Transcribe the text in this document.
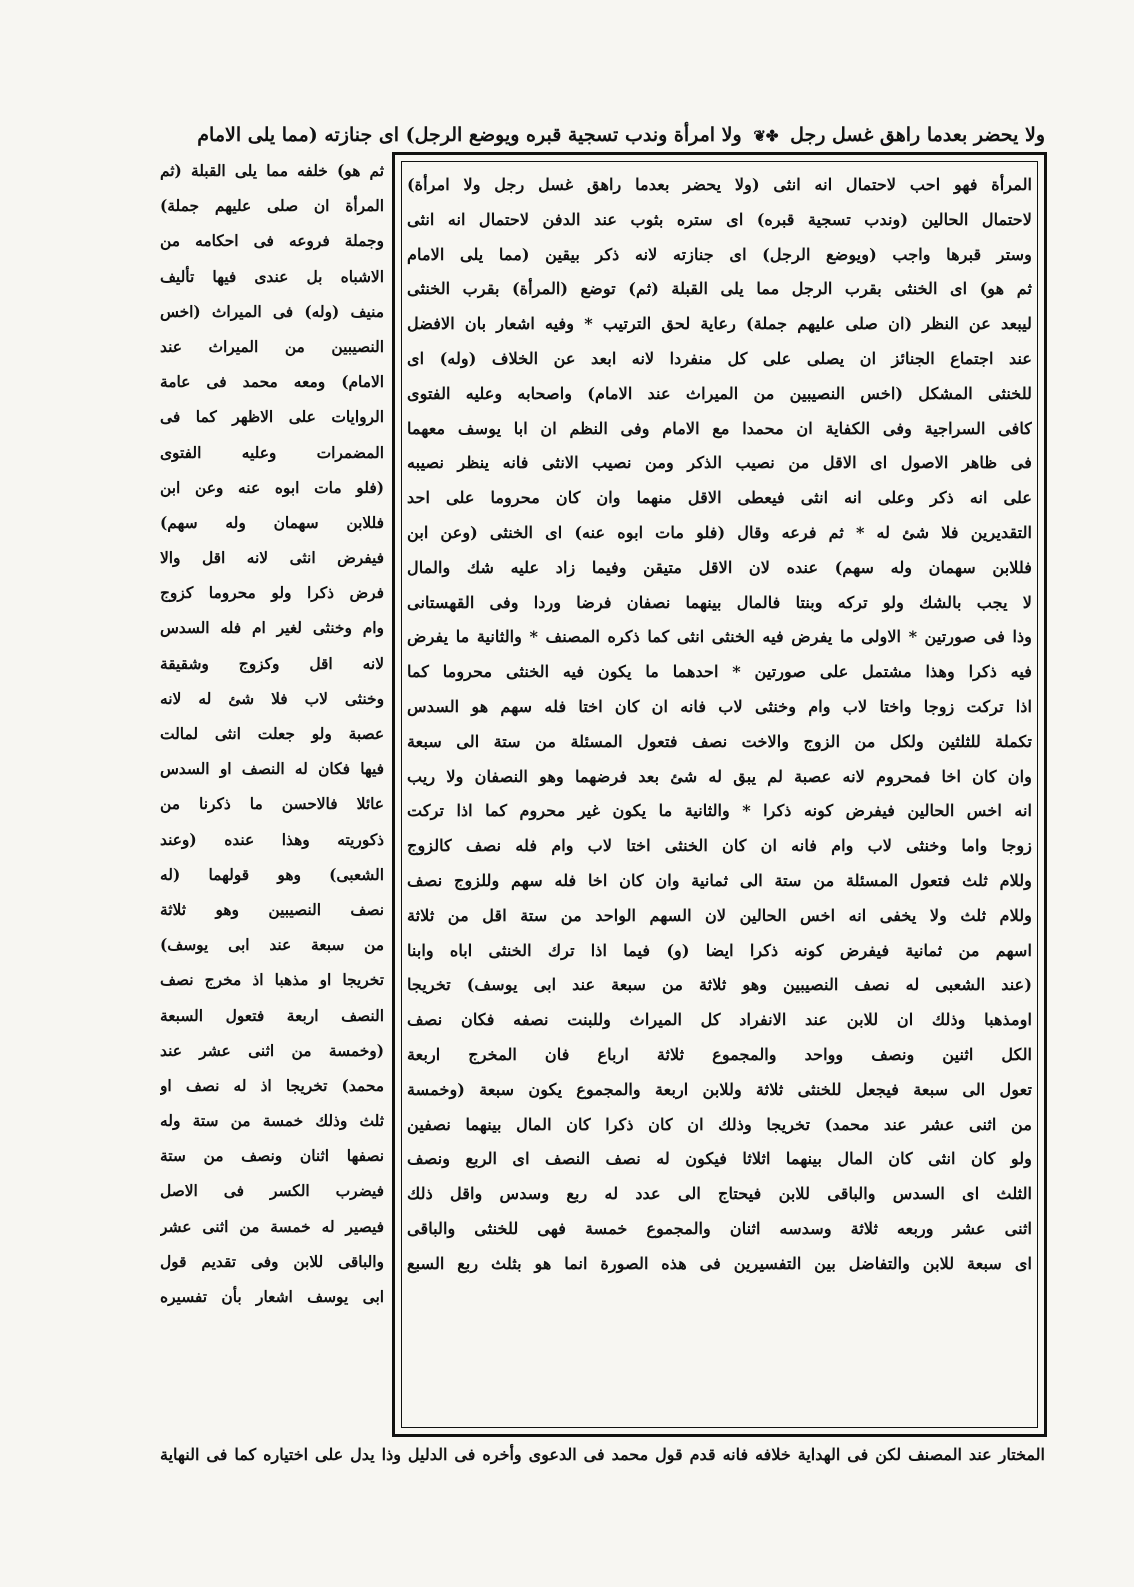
ولا يحضر بعدما راهق غسل رجل ✤❦ ولا امرأة وندب تسجية قبره ويوضع الرجل) اى جنازته (مما يلى الامام
المرأة فهو احب لاحتمال انه انثى (ولا يحضر بعدما راهق غسل رجل ولا امرأة)
لاحتمال الحالين (وندب تسجية قبره) اى ستره بثوب عند الدفن لاحتمال انه انثى
وستر قبرها واجب (ويوضع الرجل) اى جنازته لانه ذكر بيقين (مما يلى الامام
ثم هو) اى الخنثى بقرب الرجل مما يلى القبلة (ثم) توضع (المرأة) بقرب الخنثى
ليبعد عن النظر (ان صلى عليهم جملة) رعاية لحق الترتيب * وفيه اشعار بان الافضل
عند اجتماع الجنائز ان يصلى على كل منفردا لانه ابعد عن الخلاف (وله) اى
للخنثى المشكل (اخس النصيبين من الميراث عند الامام) واصحابه وعليه الفتوى
كافى السراجية وفى الكفاية ان محمدا مع الامام وفى النظم ان ابا يوسف معهما
فى ظاهر الاصول اى الاقل من نصيب الذكر ومن نصيب الانثى فانه ينظر نصيبه
على انه ذكر وعلى انه انثى فيعطى الاقل منهما وان كان محروما على احد
التقديرين فلا شئ له * ثم فرعه وقال (فلو مات ابوه عنه) اى الخنثى (وعن ابن
فللابن سهمان وله سهم) عنده لان الاقل متيقن وفيما زاد عليه شك والمال
لا يجب بالشك ولو تركه وبنتا فالمال بينهما نصفان فرضا وردا وفى القهستانى
وذا فى صورتين * الاولى ما يفرض فيه الخنثى انثى كما ذكره المصنف * والثانية ما يفرض
فيه ذكرا وهذا مشتمل على صورتين * احدهما ما يكون فيه الخنثى محروما كما
اذا تركت زوجا واختا لاب وام وخنثى لاب فانه ان كان اختا فله سهم هو السدس
تكملة للثلثين ولكل من الزوج والاخت نصف فتعول المسئلة من ستة الى سبعة
وان كان اخا فمحروم لانه عصبة لم يبق له شئ بعد فرضهما وهو النصفان ولا ريب
انه اخس الحالين فيفرض كونه ذكرا * والثانية ما يكون غير محروم كما اذا تركت
زوجا واما وخنثى لاب وام فانه ان كان الخنثى اختا لاب وام فله نصف كالزوج
وللام ثلث فتعول المسئلة من ستة الى ثمانية وان كان اخا فله سهم وللزوج نصف
وللام ثلث ولا يخفى انه اخس الحالين لان السهم الواحد من ستة اقل من ثلاثة
اسهم من ثمانية فيفرض كونه ذكرا ايضا (و) فيما اذا ترك الخنثى اباه وابنا
(عند الشعبى له نصف النصيبين وهو ثلاثة من سبعة عند ابى يوسف) تخريجا
اومذهبا وذلك ان للابن عند الانفراد كل الميراث وللبنت نصفه فكان نصف
الكل اثنين ونصف وواحد والمجموع ثلاثة ارباع فان المخرج اربعة
تعول الى سبعة فيجعل للخنثى ثلاثة وللابن اربعة والمجموع يكون سبعة (وخمسة
من اثنى عشر عند محمد) تخريجا وذلك ان كان ذكرا كان المال بينهما نصفين
ولو كان انثى كان المال بينهما اثلاثا فيكون له نصف النصف اى الربع ونصف
الثلث اى السدس والباقى للابن فيحتاج الى عدد له ربع وسدس واقل ذلك
اثنى عشر وربعه ثلاثة وسدسه اثنان والمجموع خمسة فهى للخنثى والباقى
اى سبعة للابن والتفاضل بين التفسيرين فى هذه الصورة انما هو بثلث ربع السبع
ثم هو) خلفه مما يلى القبلة (ثم
المرأة ان صلى عليهم جملة)
وجملة فروعه فى احكامه من
الاشباه بل عندى فيها تأليف
منيف (وله) فى الميراث (اخس
النصيبين من الميراث عند
الامام) ومعه محمد فى عامة
الروايات على الاظهر كما فى
المضمرات وعليه الفتوى
(فلو مات ابوه عنه وعن ابن
فللابن سهمان وله سهم)
فيفرض انثى لانه اقل والا
فرض ذكرا ولو محروما كزوج
وام وخنثى لغير ام فله السدس
لانه اقل وكزوج وشقيقة
وخنثى لاب فلا شئ له لانه
عصبة ولو جعلت انثى لمالت
فيها فكان له النصف او السدس
عائلا فالاحسن ما ذكرنا من
ذكوريته وهذا عنده (وعند
الشعبى) وهو قولهما (له
نصف النصيبين وهو ثلاثة
من سبعة عند ابى يوسف)
تخريجا او مذهبا اذ مخرج نصف
النصف اربعة فتعول السبعة
(وخمسة من اثنى عشر عند
محمد) تخريجا اذ له نصف او
ثلث وذلك خمسة من ستة وله
نصفها اثنان ونصف من ستة
فيضرب الكسر فى الاصل
فيصير له خمسة من اثنى عشر
والباقى للابن وفى تقديم قول
ابى يوسف اشعار بأن تفسيره
المختار عند المصنف لكن فى الهداية خلافه فانه قدم قول محمد فى الدعوى وأخره فى الدليل وذا يدل على اختياره كما فى النهاية
